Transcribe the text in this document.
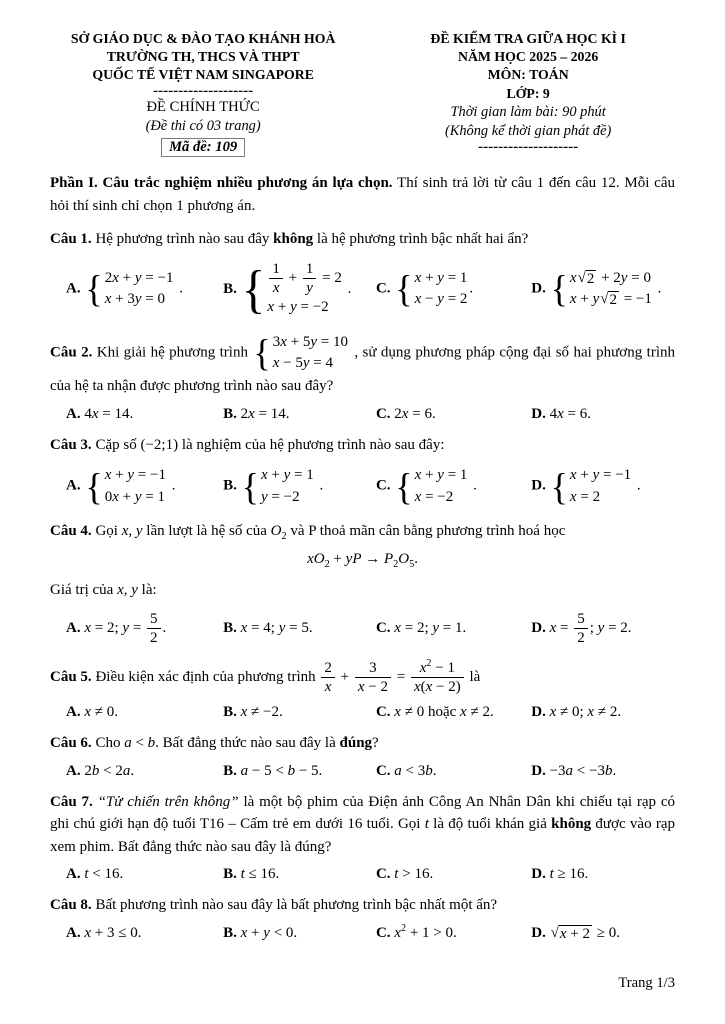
SỞ GIÁO DỤC & ĐÀO TẠO KHÁNH HOÀ
TRƯỜNG TH, THCS VÀ THPT
QUỐC TẾ VIỆT NAM SINGAPORE
--------------------
ĐỀ CHÍNH THỨC
(Đề thi có 03 trang)
Mã đề: 109
ĐỀ KIỂM TRA GIỮA HỌC KÌ I
NĂM HỌC 2025 – 2026
MÔN: TOÁN
LỚP: 9
Thời gian làm bài: 90 phút
(Không kể thời gian phát đề)
--------------------

Phần I. Câu trắc nghiệm nhiều phương án lựa chọn. Thí sinh trả lời từ câu 1 đến câu 12. Mỗi câu hỏi thí sinh chỉ chọn 1 phương án.

Câu 1. Hệ phương trình nào sau đây không là hệ phương trình bậc nhất hai ẩn?

A. { 2x + y = −1
x + 3y = 0
.	B. { $\frac{1}{x} + \frac{1}{y} = 2$
x + y = −2
.	C. { x + y = 1
x − y = 2
.	D. { x √ 2 + 2y = 0
x + y √ 2 = −1
.

Câu 2. Khi giải hệ phương trình { 3x + 5y = 10
x − 5y = 4
, sử dụng phương pháp cộng đại số hai phương trình của hệ ta nhận được phương trình nào sau đây?

A. 4x = 14.	B. 2x = 14.	C. 2x = 6.	D. 4x = 6.

Câu 3. Cặp số (−2;1) là nghiệm của hệ phương trình nào sau đây:

A. { x + y = −1
0x + y = 1
.	B. { x + y = 1
y = −2
.	C. { x + y = 1
x = −2
.	D. { x + y = −1
x = 2
.

Câu 4. Gọi x, y lần lượt là hệ số của $O_2$ và P thoả mãn cân bằng phương trình hoá học

$xO_2$ + yP → $P_2O_5$.

Giá trị của x, y là:

A. x = 2; $y = \frac{5}{2}$ .	B. x = 4; y = 5.	C. x = 2; y = 1.	D. $x = \frac{5}{2}$ ; y = 2.

Câu 5. Điều kiện xác định của phương trình $\frac{2}{x} + \frac{3}{x - 2} = \frac{x^2 - 1}{x(x - 2)}$ là

A. x ≠ 0.	B. x ≠ −2.	C. x ≠ 0 hoặc x ≠ 2.	D. x ≠ 0; x ≠ 2.

Câu 6. Cho a < b. Bất đẳng thức nào sau đây là đúng?

A. 2b < 2a.	B. a − 5 < b − 5.	C. a < 3b.	D. −3a < −3b.

Câu 7. “Tử chiến trên không” là một bộ phim của Điện ảnh Công An Nhân Dân khi chiếu tại rạp có ghi chú giới hạn độ tuổi T16 – Cấm trẻ em dưới 16 tuổi. Gọi t là độ tuổi khán giả không được vào rạp xem phim. Bất đẳng thức nào sau đây là đúng?

A. t < 16.	B. t ≤ 16.	C. t > 16.	D. t ≥ 16.

Câu 8. Bất phương trình nào sau đây là bất phương trình bậc nhất một ẩn?

A. x + 3 ≤ 0.	B. x + y < 0.	C. $x^2 + 1 > 0$.	D. √ x + 2 ≥ 0.
Trang 1/3
